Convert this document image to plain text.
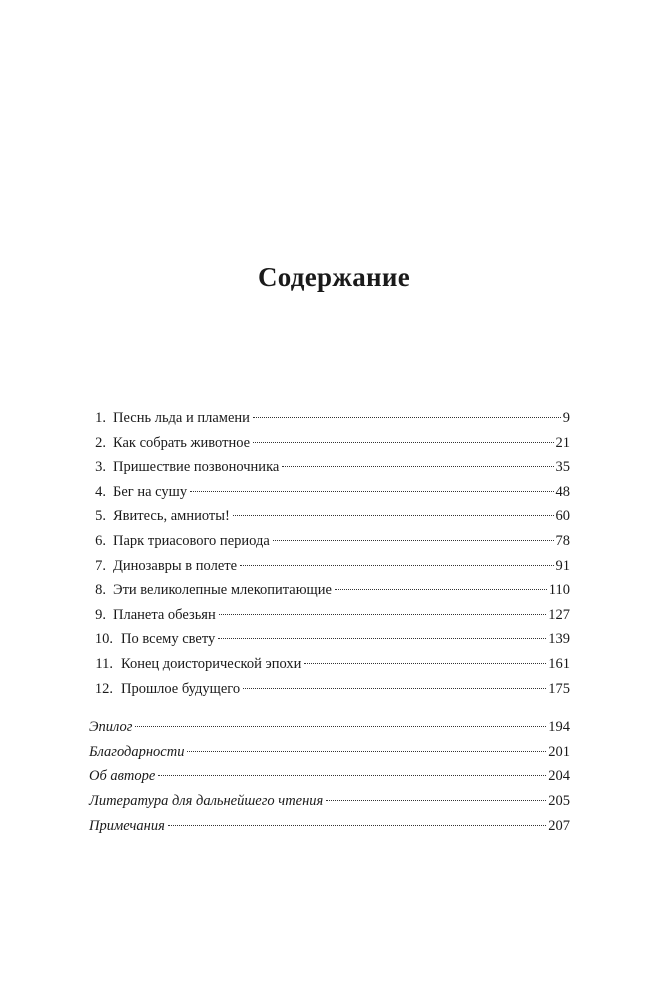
Содержание
1. Песнь льда и пламени	9
2. Как собрать животное	21
3. Пришествие позвоночника	35
4. Бег на сушу	48
5. Явитесь, амниоты!	60
6. Парк триасового периода	78
7. Динозавры в полете	91
8. Эти великолепные млекопитающие	110
9. Планета обезьян	127
10. По всему свету	139
11. Конец доисторической эпохи	161
12. Прошлое будущего	175
Эпилог	194
Благодарности	201
Об авторе	204
Литература для дальнейшего чтения	205
Примечания	207
